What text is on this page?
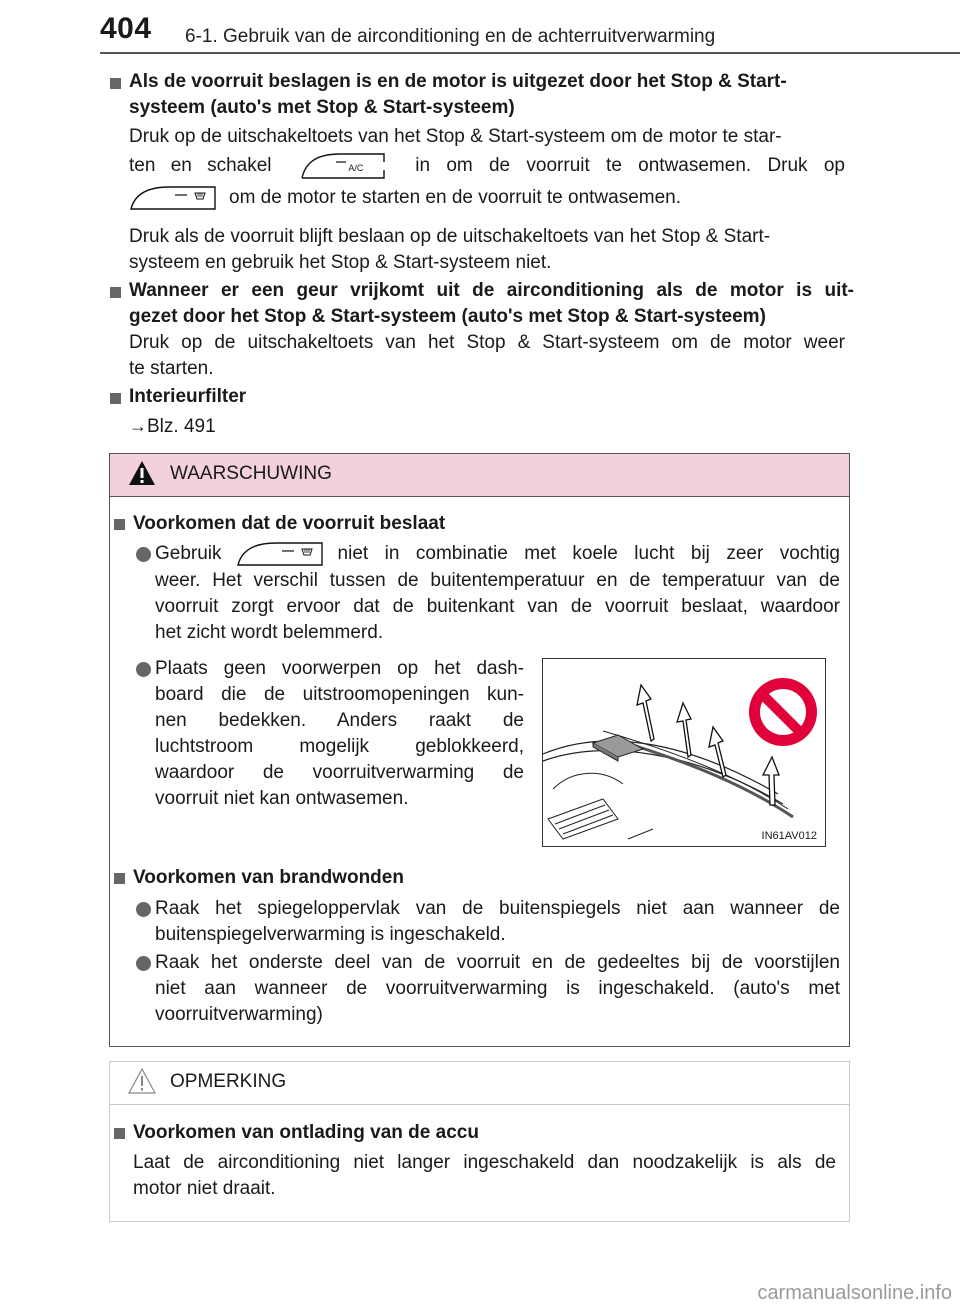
404 6-1. Gebruik van de airconditioning en de achterruitverwarming
Als de voorruit beslagen is en de motor is uitgezet door het Stop & Start-
systeem (auto's met Stop & Start-systeem)
Druk op de uitschakeltoets van het Stop & Start-systeem om de motor te star-
ten en schakel	A/C	in om de voorruit te ontwasemen. Druk op
om de motor te starten en de voorruit te ontwasemen.
Druk als de voorruit blijft beslaan op de uitschakeltoets van het Stop & Start-
systeem en gebruik het Stop & Start-systeem niet.
Wanneer er een geur vrijkomt uit de airconditioning als de motor is uit-
gezet door het Stop & Start-systeem (auto's met Stop & Start-systeem)
Druk op de uitschakeltoets van het Stop & Start-systeem om de motor weer
te starten.
Interieurfilter
→Blz. 491
WAARSCHUWING
Voorkomen dat de voorruit beslaat
Gebruik	niet in combinatie met koele lucht bij zeer vochtig
weer. Het verschil tussen de buitentemperatuur en de temperatuur van de
voorruit zorgt ervoor dat de buitenkant van de voorruit beslaat, waardoor
het zicht wordt belemmerd.
Plaats geen voorwerpen op het dash-
board die de uitstroomopeningen kun-
nen bedekken. Anders raakt de
luchtstroom mogelijk geblokkeerd,
waardoor de voorruitverwarming de
voorruit niet kan ontwasemen.
IN61AV012
Voorkomen van brandwonden
Raak het spiegeloppervlak van de buitenspiegels niet aan wanneer de
buitenspiegelverwarming is ingeschakeld.
Raak het onderste deel van de voorruit en de gedeeltes bij de voorstijlen
niet aan wanneer de voorruitverwarming is ingeschakeld. (auto's met
voorruitverwarming)
OPMERKING
Voorkomen van ontlading van de accu
Laat de airconditioning niet langer ingeschakeld dan noodzakelijk is als de
motor niet draait.
carmanualsonline.info
